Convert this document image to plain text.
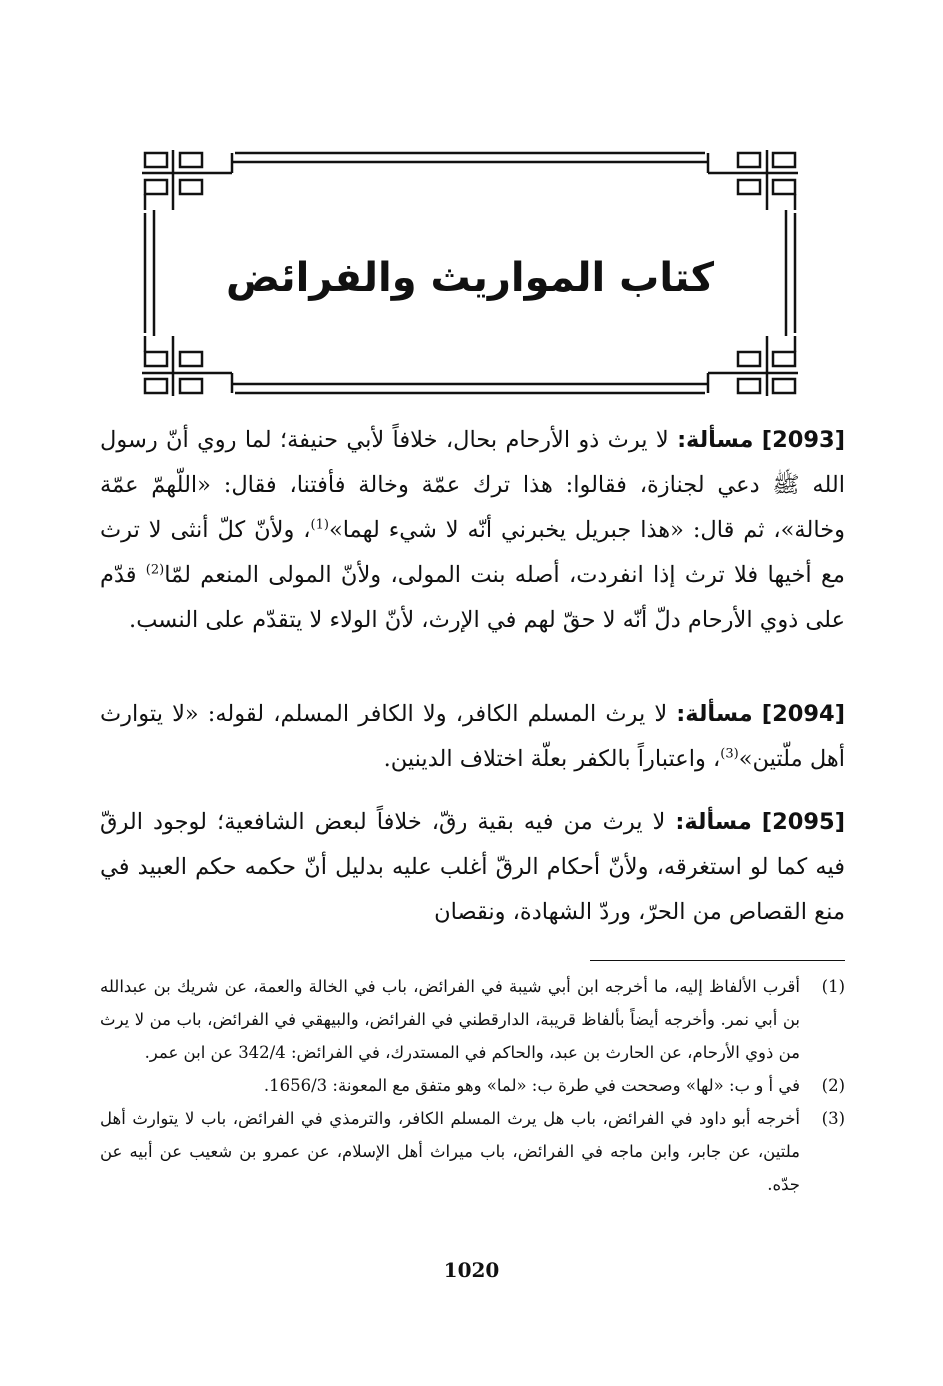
كتاب المواريث والفرائض
[2093] مسألة: لا يرث ذو الأرحام بحال، خلافاً لأبي حنيفة؛ لما روي أنّ رسول الله ﷺ دعي لجنازة، فقالوا: هذا ترك عمّة وخالة فأفتنا، فقال: «اللّهمّ عمّة وخالة»، ثم قال: «هذا جبريل يخبرني أنّه لا شيء لهما»$^{(1)}$، ولأنّ كلّ أنثى لا ترث مع أخيها فلا ترث إذا انفردت، أصله بنت المولى، ولأنّ المولى المنعم لمّا$^{(2)}$ قدّم على ذوي الأرحام دلّ أنّه لا حقّ لهم في الإرث، لأنّ الولاء لا يتقدّم على النسب.
[2094] مسألة: لا يرث المسلم الكافر، ولا الكافر المسلم، لقوله: «لا يتوارث أهل ملّتين»$^{(3)}$، واعتباراً بالكفر بعلّة اختلاف الدينين.
[2095] مسألة: لا يرث من فيه بقية رقّ، خلافاً لبعض الشافعية؛ لوجود الرقّ فيه كما لو استغرقه، ولأنّ أحكام الرقّ أغلب عليه بدليل أنّ حكمه حكم العبيد في منع القصاص من الحرّ، وردّ الشهادة، ونقصان
(1)
أقرب الألفاظ إليه، ما أخرجه ابن أبي شيبة في الفرائض، باب في الخالة والعمة، عن شريك بن عبدالله بن أبي نمر. وأخرجه أيضاً بألفاظ قريبة، الدارقطني في الفرائض، والبيهقي في الفرائض، باب من لا يرث من ذوي الأرحام، عن الحارث بن عبد، والحاكم في المستدرك، في الفرائض: 342/4 عن ابن عمر.
(2)
في أ و ب: «لها» وصححت في طرة ب: «لما» وهو متفق مع المعونة: 1656/3.
(3)
أخرجه أبو داود في الفرائض، باب هل يرث المسلم الكافر، والترمذي في الفرائض، باب لا يتوارث أهل ملتين، عن جابر، وابن ماجه في الفرائض، باب ميراث أهل الإسلام، عن عمرو بن شعيب عن أبيه عن جدّه.
1020
